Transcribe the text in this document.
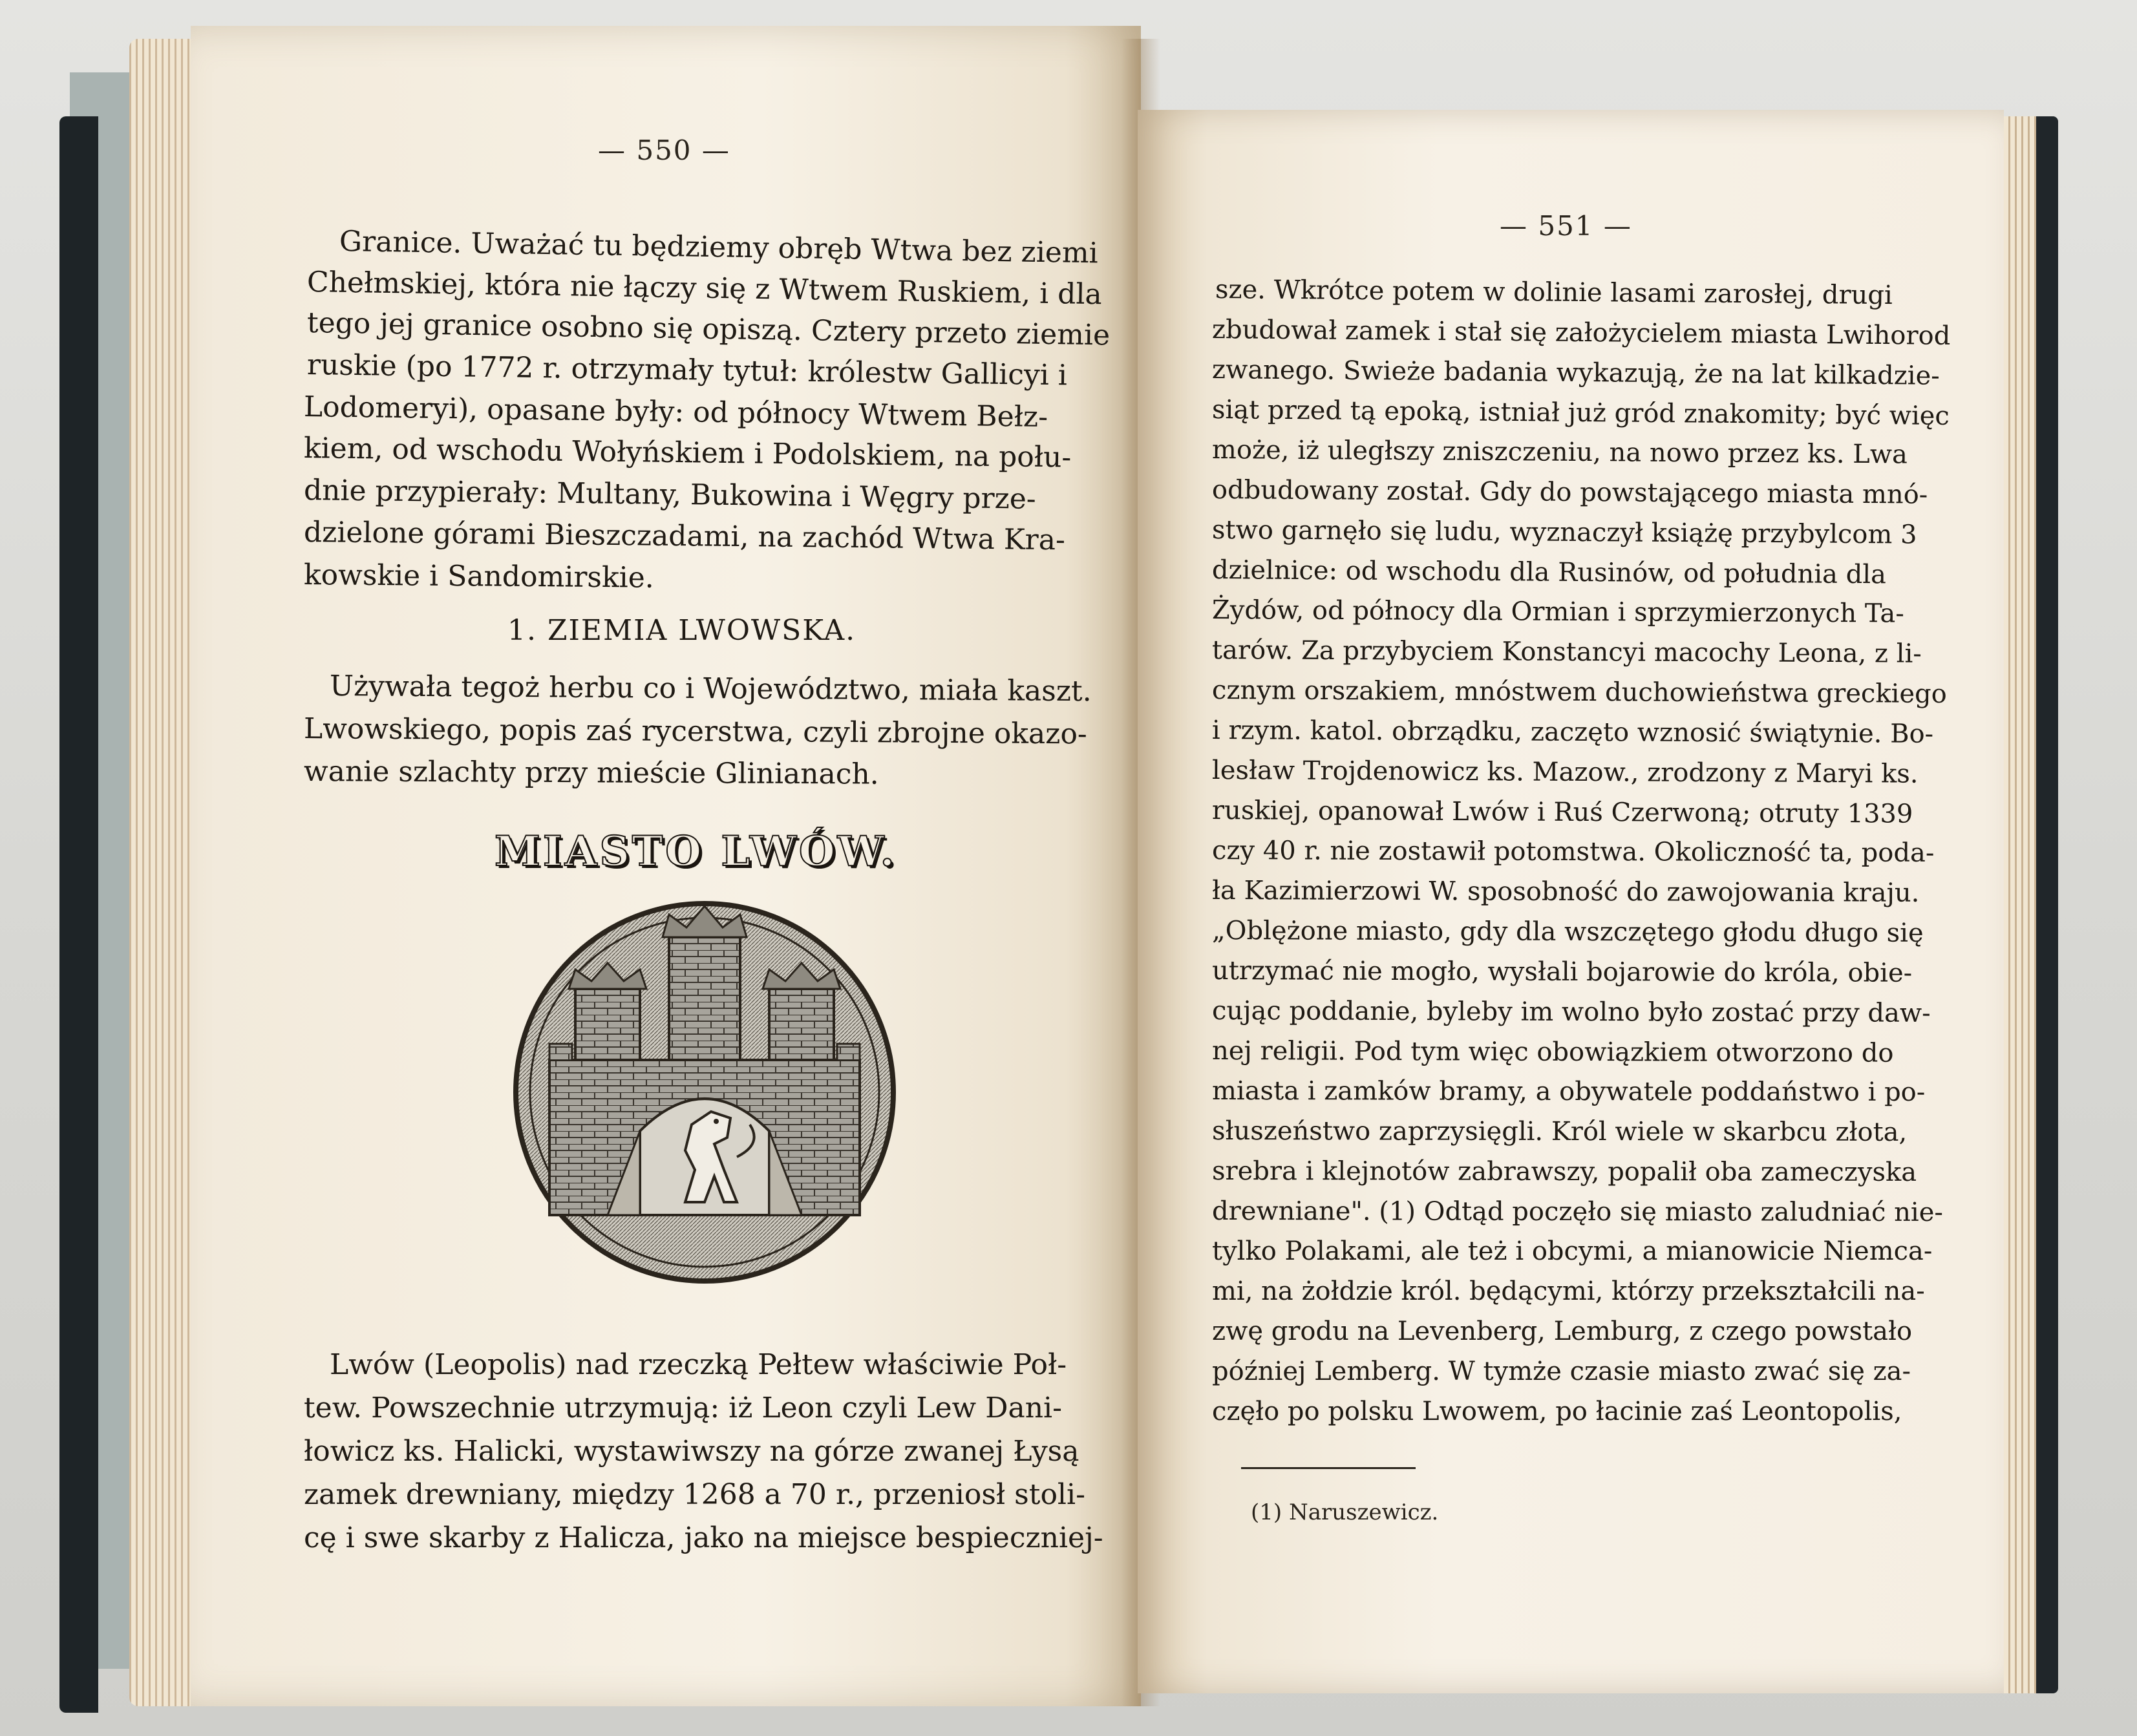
— 550 —
Granice. Uważać tu będziemy obręb Wtwa bez ziemi
Chełmskiej, która nie łączy się z Wtwem Ruskiem, i dla
tego jej granice osobno się opiszą. Cztery przeto ziemie
ruskie (po 1772 r. otrzymały tytuł: królestw Gallicyi i
Lodomeryi), opasane były: od północy Wtwem Bełz-
kiem, od wschodu Wołyńskiem i Podolskiem, na połu-
dnie przypierały: Multany, Bukowina i Węgry prze-
dzielone górami Bieszczadami, na zachód Wtwa Kra-
kowskie i Sandomirskie.
1. ZIEMIA LWOWSKA.
Używała tegoż herbu co i Województwo, miała kaszt.
Lwowskiego, popis zaś rycerstwa, czyli zbrojne okazo-
wanie szlachty przy mieście Glinianach.
MIASTO LWÓW.
Lwów (Leopolis) nad rzeczką Pełtew właściwie Poł-
tew. Powszechnie utrzymują: iż Leon czyli Lew Dani-
łowicz ks. Halicki, wystawiwszy na górze zwanej Łysą
zamek drewniany, między 1268 a 70 r., przeniosł stoli-
cę i swe skarby z Halicza, jako na miejsce bespieczniej-
— 551 —
sze. Wkrótce potem w dolinie lasami zarosłej, drugi
zbudował zamek i stał się założycielem miasta Lwihorod
zwanego. Swieże badania wykazują, że na lat kilkadzie-
siąt przed tą epoką, istniał już gród znakomity; być więc
może, iż uległszy zniszczeniu, na nowo przez ks. Lwa
odbudowany został. Gdy do powstającego miasta mnó-
stwo garnęło się ludu, wyznaczył książę przybylcom 3
dzielnice: od wschodu dla Rusinów, od południa dla
Żydów, od północy dla Ormian i sprzymierzonych Ta-
tarów. Za przybyciem Konstancyi macochy Leona, z li-
cznym orszakiem, mnóstwem duchowieństwa greckiego
i rzym. katol. obrządku, zaczęto wznosić świątynie. Bo-
lesław Trojdenowicz ks. Mazow., zrodzony z Maryi ks.
ruskiej, opanował Lwów i Ruś Czerwoną; otruty 1339
czy 40 r. nie zostawił potomstwa. Okoliczność ta, poda-
ła Kazimierzowi W. sposobność do zawojowania kraju.
„Oblężone miasto, gdy dla wszczętego głodu długo się
utrzymać nie mogło, wysłali bojarowie do króla, obie-
cując poddanie, byleby im wolno było zostać przy daw-
nej religii. Pod tym więc obowiązkiem otworzono do
miasta i zamków bramy, a obywatele poddaństwo i po-
słuszeństwo zaprzysięgli. Król wiele w skarbcu złota,
srebra i klejnotów zabrawszy, popalił oba zameczyska
drewniane". (1) Odtąd poczęło się miasto zaludniać nie-
tylko Polakami, ale też i obcymi, a mianowicie Niemca-
mi, na żołdzie król. będącymi, którzy przekształcili na-
zwę grodu na Levenberg, Lemburg, z czego powstało
później Lemberg. W tymże czasie miasto zwać się za-
częło po polsku Lwowem, po łacinie zaś Leontopolis,
(1) Naruszewicz.
